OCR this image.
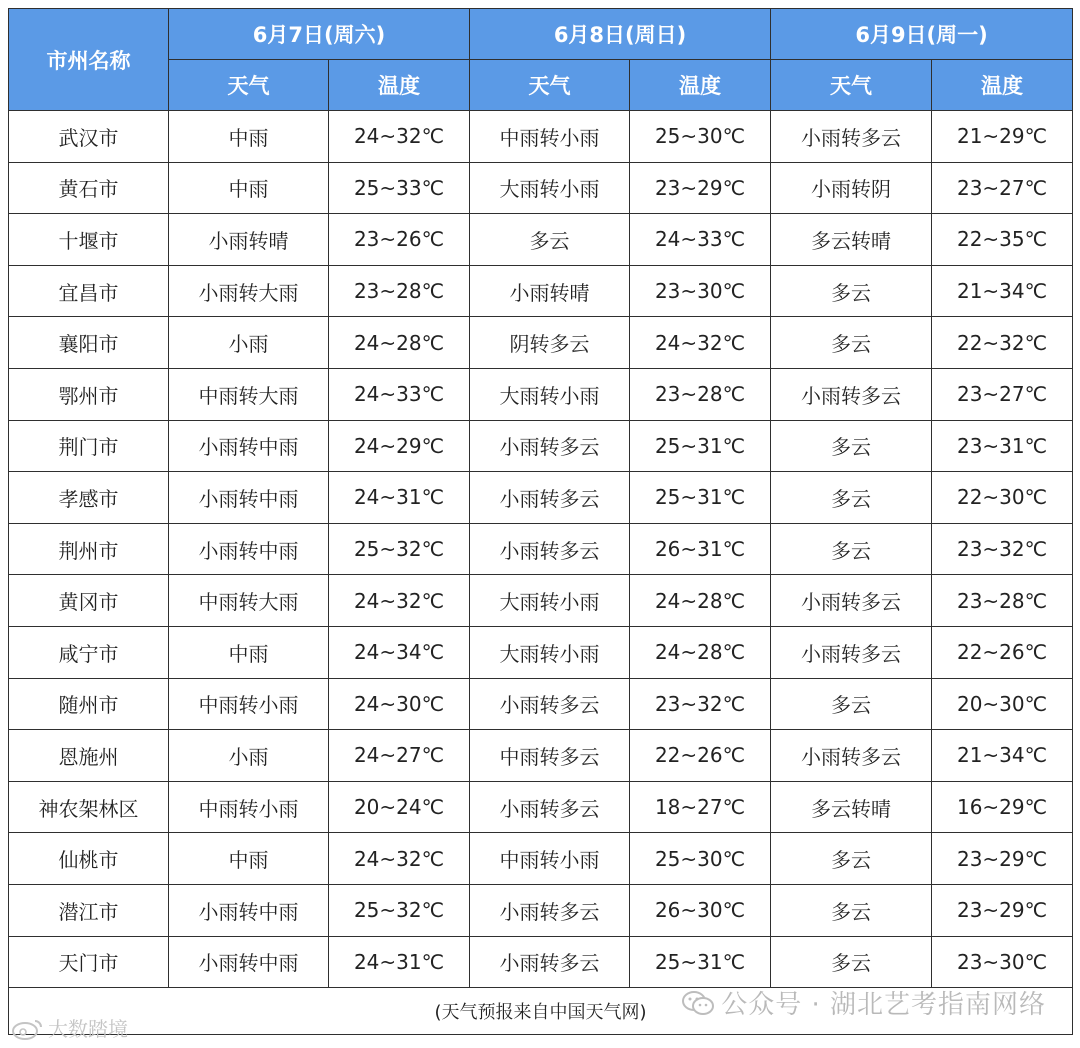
市州名称	6月7日(周六)		6月8日(周日)		6月9日(周一)	
	天气	温度	天气	温度	天气	温度
武汉市	中雨	24~32℃	中雨转小雨	25~30℃	小雨转多云	21~29℃
黄石市	中雨	25~33℃	大雨转小雨	23~29℃	小雨转阴	23~27℃
十堰市	小雨转晴	23~26℃	多云	24~33℃	多云转晴	22~35℃
宜昌市	小雨转大雨	23~28℃	小雨转晴	23~30℃	多云	21~34℃
襄阳市	小雨	24~28℃	阴转多云	24~32℃	多云	22~32℃
鄂州市	中雨转大雨	24~33℃	大雨转小雨	23~28℃	小雨转多云	23~27℃
荆门市	小雨转中雨	24~29℃	小雨转多云	25~31℃	多云	23~31℃
孝感市	小雨转中雨	24~31℃	小雨转多云	25~31℃	多云	22~30℃
荆州市	小雨转中雨	25~32℃	小雨转多云	26~31℃	多云	23~32℃
黄冈市	中雨转大雨	24~32℃	大雨转小雨	24~28℃	小雨转多云	23~28℃
咸宁市	中雨	24~34℃	大雨转小雨	24~28℃	小雨转多云	22~26℃
随州市	中雨转小雨	24~30℃	小雨转多云	23~32℃	多云	20~30℃
恩施州	小雨	24~27℃	中雨转多云	22~26℃	小雨转多云	21~34℃
神农架林区	中雨转小雨	20~24℃	小雨转多云	18~27℃	多云转晴	16~29℃
仙桃市	中雨	24~32℃	中雨转小雨	25~30℃	多云	23~29℃
潜江市	小雨转中雨	25~32℃	小雨转多云	26~30℃	多云	23~29℃
天门市	小雨转中雨	24~31℃	小雨转多云	25~31℃	多云	23~30℃
(天气预报来自中国天气网)							公众号 · 湖北艺考指南网络
大数踏境
